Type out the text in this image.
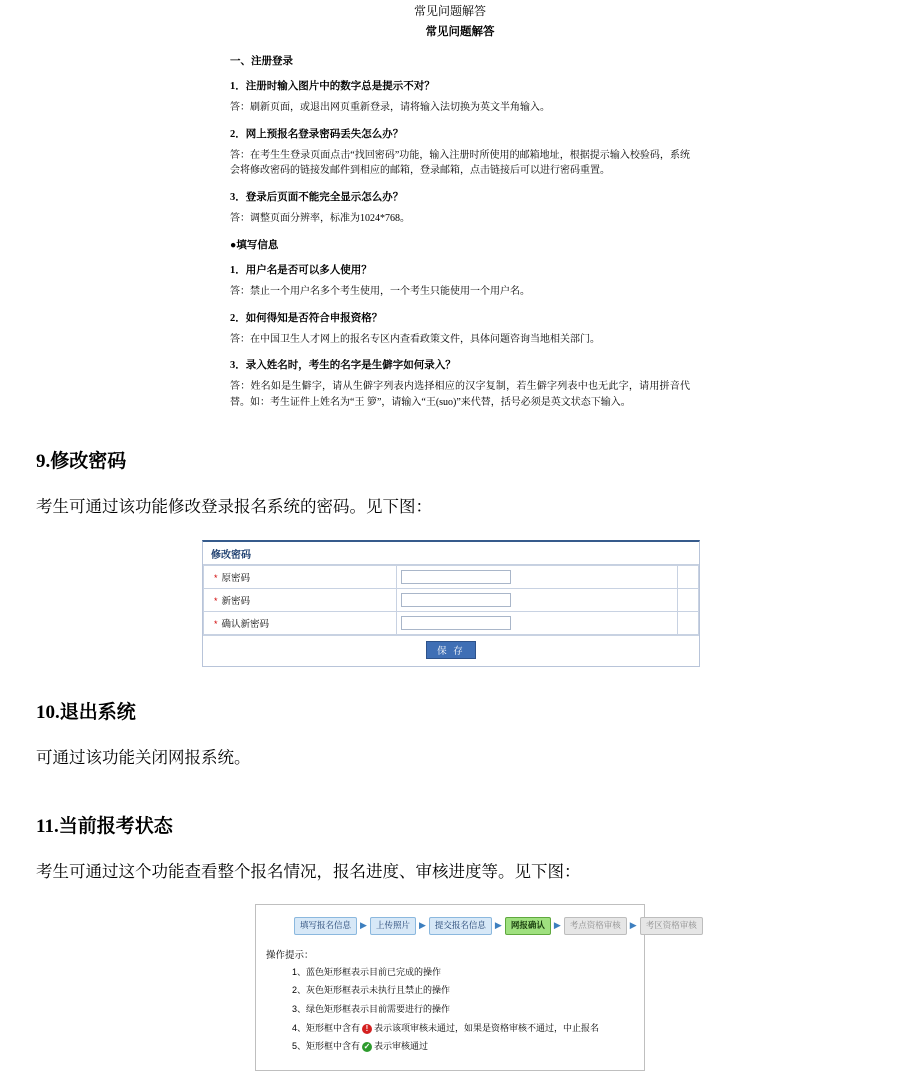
常见问题解答
常见问题解答
一、注册登录
1．注册时输入图片中的数字总是提示不对？
答：刷新页面，或退出网页重新登录，请将输入法切换为英文半角输入。
2．网上预报名登录密码丢失怎么办？
答：在考生生登录页面点击“找回密码”功能，输入注册时所使用的邮箱地址，根据提示输入校验码，系统会将修改密码的链接发邮件到相应的邮箱，登录邮箱，点击链接后可以进行密码重置。
3．登录后页面不能完全显示怎么办？
答：调整页面分辨率，标准为1024*768。
●填写信息
1．用户名是否可以多人使用？
答：禁止一个用户名多个考生使用，一个考生只能使用一个用户名。
2．如何得知是否符合申报资格？
答：在中国卫生人才网上的报名专区内查看政策文件，具体问题咨询当地相关部门。
3．录入姓名时，考生的名字是生僻字如何录入？
答：姓名如是生僻字，请从生僻字列表内选择相应的汉字复制，若生僻字列表中也无此字，请用拼音代替。如：考生证件上姓名为“王 箩”，请输入“王(suo)”来代替，括号必须是英文状态下输入。
9.修改密码
考生可通过该功能修改登录报名系统的密码。见下图：
修改密码
* 原密码		
* 新密码		
* 确认新密码		
保 存
10.退出系统
可通过该功能关闭网报系统。
11.当前报考状态
考生可通过这个功能查看整个报名情况，报名进度、审核进度等。见下图：
填写报名信息	▶	上传照片	▶	提交报名信息	▶	网报确认	▶	考点资格审核	▶	考区资格审核
操作提示：
1、蓝色矩形框表示目前已完成的操作
2、灰色矩形框表示未执行且禁止的操作
3、绿色矩形框表示目前需要进行的操作
4、矩形框中含有 ! 表示该项审核未通过，如果是资格审核不通过，中止报名
5、矩形框中含有 ✓ 表示审核通过
